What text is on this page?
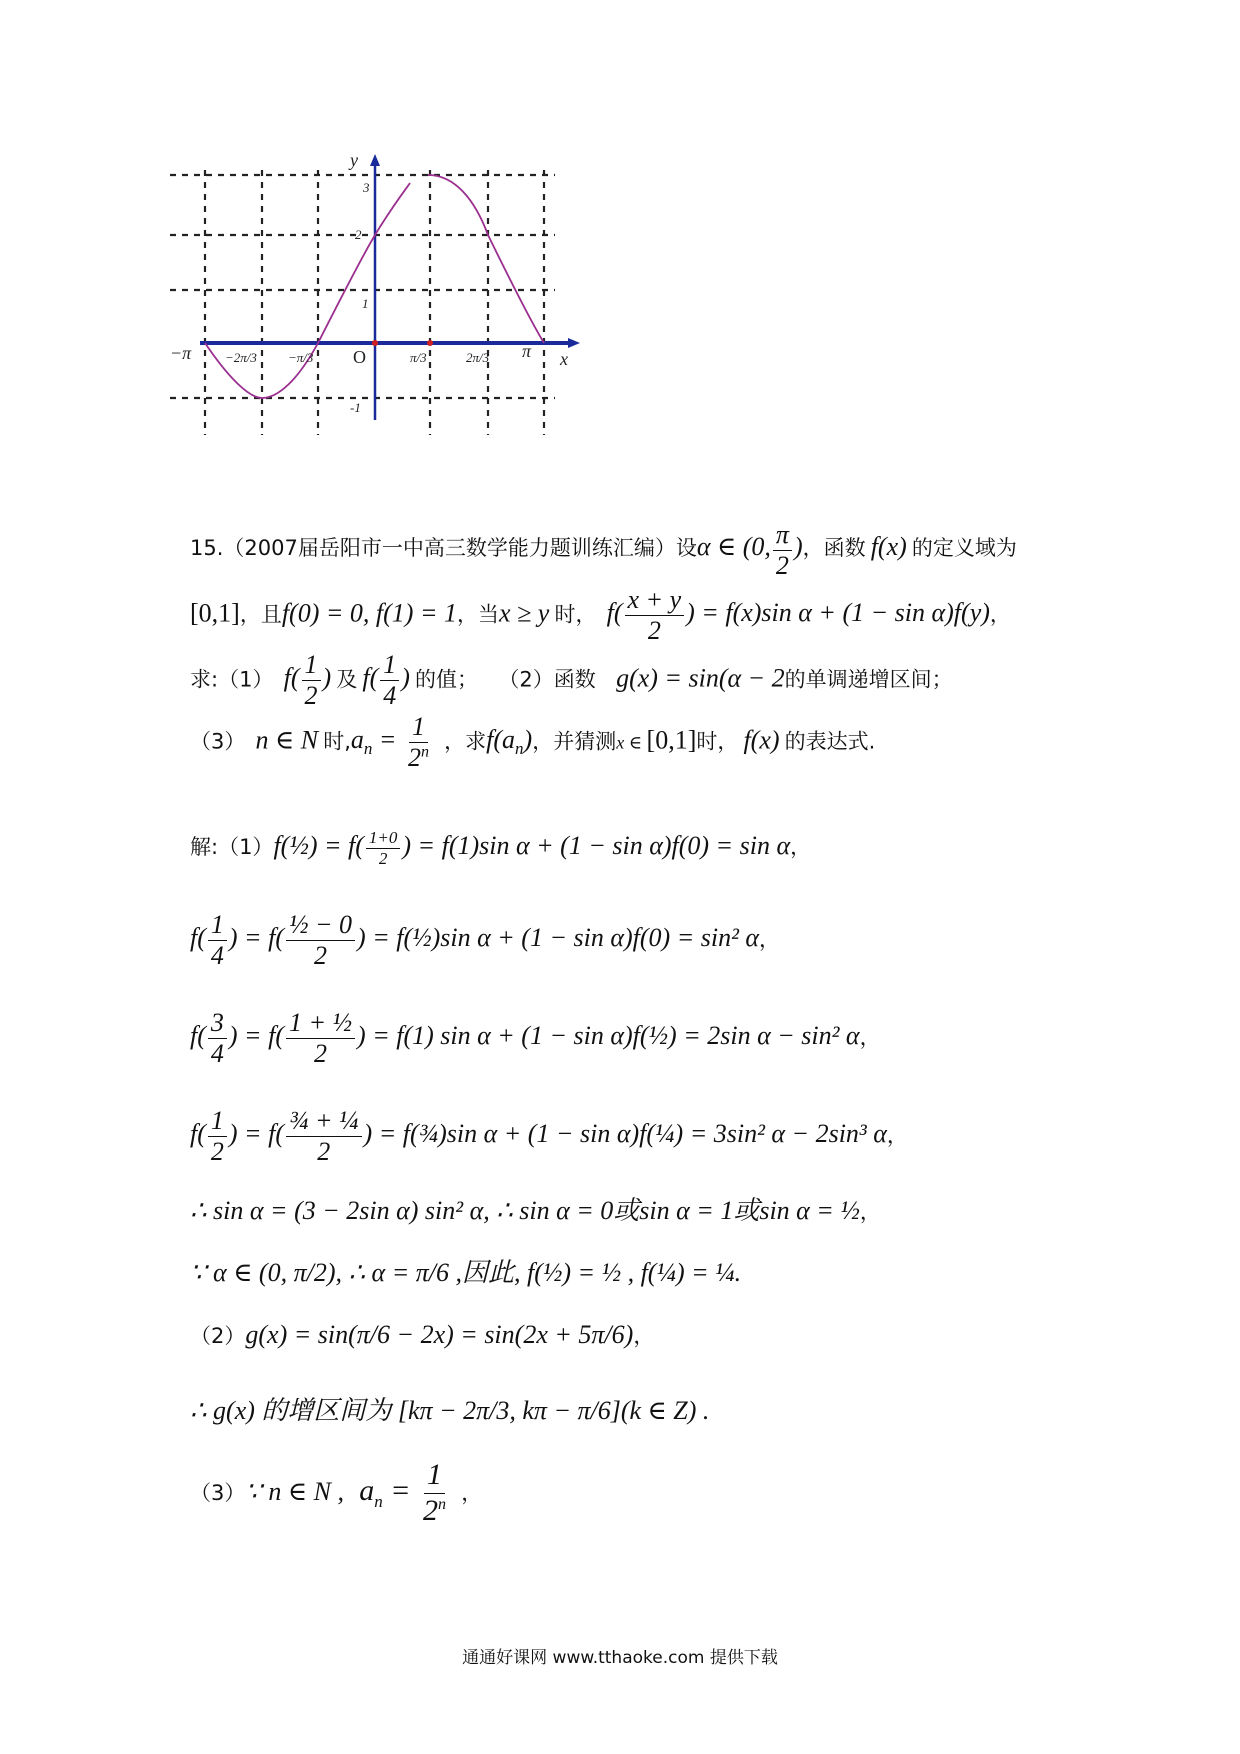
y
x
O
3
2
1
-1
−π	−2π/3 −π/3	π/3	2π/3 π
15.（2007届岳阳市一中高三数学能力题训练汇编）设α ∈ (0, $\frac{\pi}{2}$ )，函数 f(x) 的定义域为
[0,1]，且f(0) = 0, f(1) = 1，当x ≥ y 时， $f( \frac{x + y}{2}$ ) = f(x)sin α + (1 − sin α)f(y)，
求:（1） $f( \frac{1}{2}$ ) 及 $f( \frac{1}{4}$ ) 的值； （2）函数 g(x) = sin(α − 2的单调递增区间；
（3） n ∈ N 时$,a_n = \frac{1}{2^n}$ ，求$f(a_n)$，并猜测x ∈ [0,1]时， f(x) 的表达式.
解:（1）f(½) = $f( \frac{1+0}{2}$ ) = f(1)sin α + (1 − sin α)f(0) = sin α，
$f( \frac{1}{4}$ ) = $f( \frac{\text{½ − 0}}{2}$ ) = f(½)sin α + (1 − sin α)f(0) = sin² α，
$f( \frac{3}{4}$ ) = $f( \frac{\text{1 + ½}}{2}$ ) = f(1) sin α + (1 − sin α)f(½) = 2sin α − sin² α，
$f( \frac{1}{2}$ ) = $f( \frac{\text{¾ + ¼}}{2}$ ) = f(¾)sin α + (1 − sin α)f(¼) = 3sin² α − 2sin³ α，
∴ sin α = (3 − 2sin α) sin² α, ∴ sin α = 0或sin α = 1或sin α = ½，
∵ α ∈ (0, π/2), ∴ α = π/6 ,因此, f(½) = ½ , f(¼) = ¼.
（2）g(x) = sin(π/6 − 2x) = sin(2x + 5π/6)，
∴ g(x) 的增区间为 [kπ − 2π/3, kπ − π/6](k ∈ Z) .
（3）∵ n ∈ N , $a_n = \frac{1}{2^n}$ ，
通通好课网 www.tthaoke.com 提供下载
